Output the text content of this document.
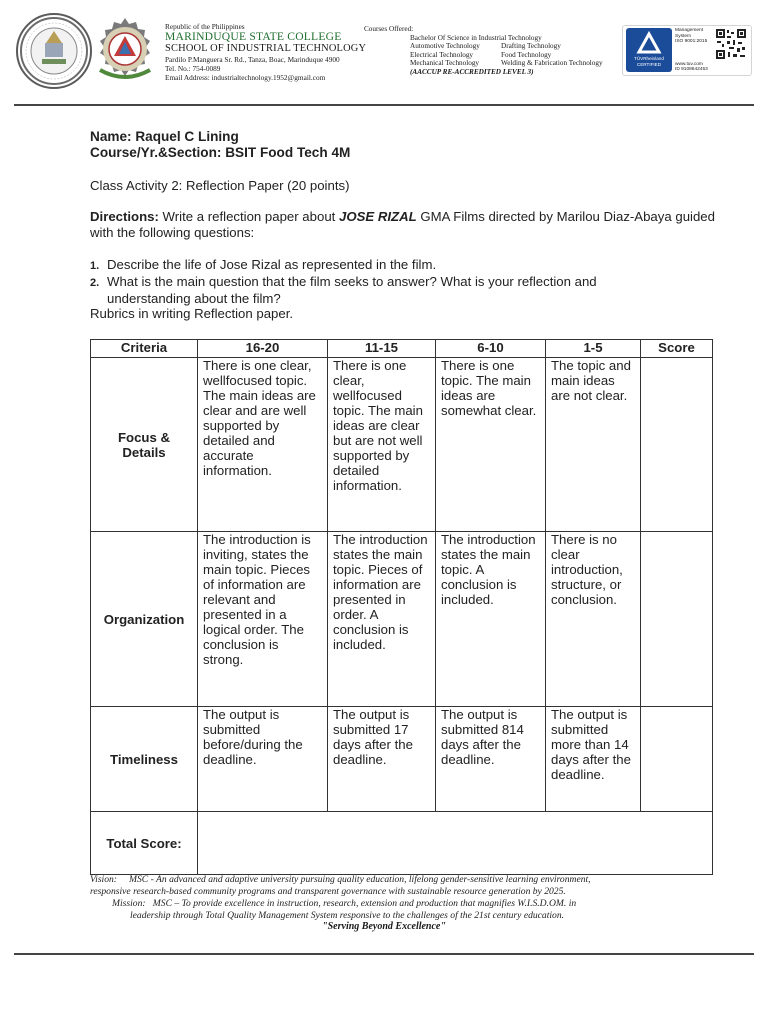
Republic of the Philippines

MARINDUQUE STATE COLLEGE

SCHOOL OF INDUSTRIAL TECHNOLOGY

Pardilo P.Manguera Sr. Rd., Tanza, Boac, Marinduque 4900

Tel. No.: 754-0089

Email Address: industrialtechnology.1952@gmail.com

Courses Offered:

Bachelor Of Science in Industrial Technology
Automotive Technology	Drafting Technology
Electrical Technology	Food Technology
Mechanical Technology	Welding & Fabrication Technology
(AACCUP RE-ACCREDITED LEVEL 3)
TÜVRheinland
CERTIFIED
Management
System
ISO 9001:2015
www.tuv.com
ID 9108642453

Name: Raquel C Lining

Course/Yr.&Section: BSIT Food Tech 4M

Class Activity 2: Reflection Paper (20 points)

Directions: Write a reflection paper about JOSE RIZAL GMA Films directed by Marilou Diaz-Abaya guided with the following questions:

1. Describe the life of Jose Rizal as represented in the film.
2. What is the main question that the film seeks to answer? What is your reflection and
understanding about the film?

Rubrics in writing Reflection paper.

Criteria	16-20	11-15	6-10	1-5	Score
Focus & Details	There is one clear, wellfocused topic. The main ideas are clear and are well supported by detailed and accurate information.	There is one clear, wellfocused topic. The main ideas are clear but are not well supported by detailed information.	There is one topic. The main ideas are somewhat clear.	The topic and main ideas are not clear.	
Organization	The introduction is inviting, states the main topic. Pieces of information are relevant and presented in a logical order. The conclusion is strong.	The introduction states the main topic. Pieces of information are presented in order. A conclusion is included.	The introduction states the main topic. A conclusion is included.	There is no clear introduction, structure, or conclusion.	
Timeliness	The output is submitted before/during the deadline.	The output is submitted 17 days after the deadline.	The output is submitted 814 days after the deadline.	The output is submitted more than 14 days after the deadline.	
Total Score:					
Vision: MSC - An advanced and adaptive university pursuing quality education, lifelong gender-sensitive learning environment,
responsive research-based community programs and transparent governance with sustainable resource generation by 2025.
Mission: MSC – To provide excellence in instruction, research, extension and production that magnifies W.I.S.D.OM. in
leadership through Total Quality Management System responsive to the challenges of the 21st century education.
"Serving Beyond Excellence"
